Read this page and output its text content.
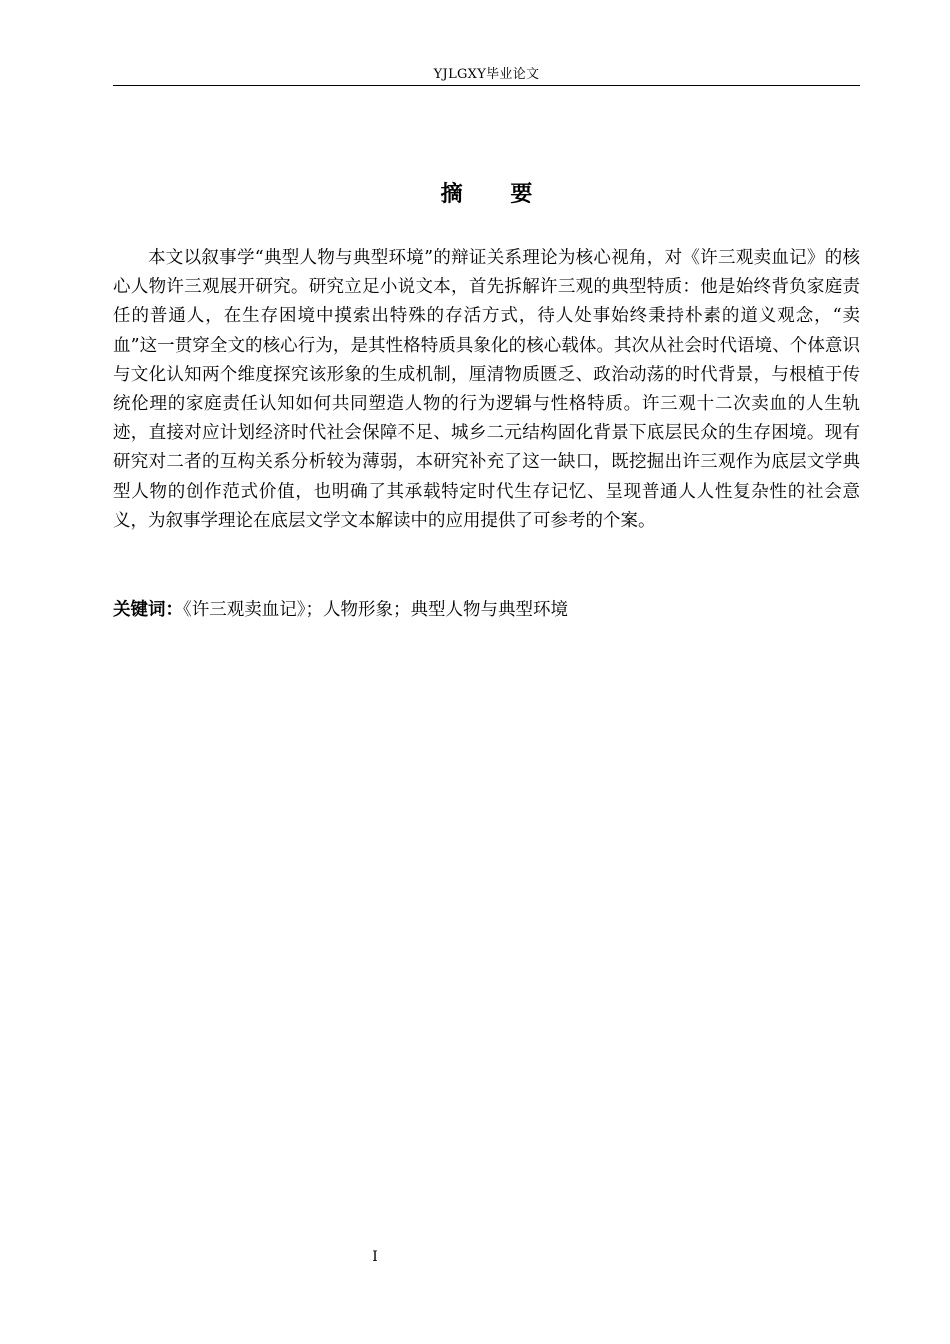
YJLGXY毕业论文
摘 要

本文以叙事学“典型人物与典型环境”的辩证关系理论为核心视角，对《许三观卖血记》的核心人物许三观展开研究。研究立足小说文本，首先拆解许三观的典型特质：他是始终背负家庭责任的普通人，在生存困境中摸索出特殊的存活方式，待人处事始终秉持朴素的道义观念，“卖血”这一贯穿全文的核心行为，是其性格特质具象化的核心载体。其次从社会时代语境、个体意识与文化认知两个维度探究该形象的生成机制，厘清物质匮乏、政治动荡的时代背景，与根植于传统伦理的家庭责任认知如何共同塑造人物的行为逻辑与性格特质。许三观十二次卖血的人生轨迹，直接对应计划经济时代社会保障不足、城乡二元结构固化背景下底层民众的生存困境。现有研究对二者的互构关系分析较为薄弱，本研究补充了这一缺口，既挖掘出许三观作为底层文学典型人物的创作范式价值，也明确了其承载特定时代生存记忆、呈现普通人人性复杂性的社会意义，为叙事学理论在底层文学文本解读中的应用提供了可参考的个案。

关键词：《许三观卖血记》；人物形象；典型人物与典型环境

I
